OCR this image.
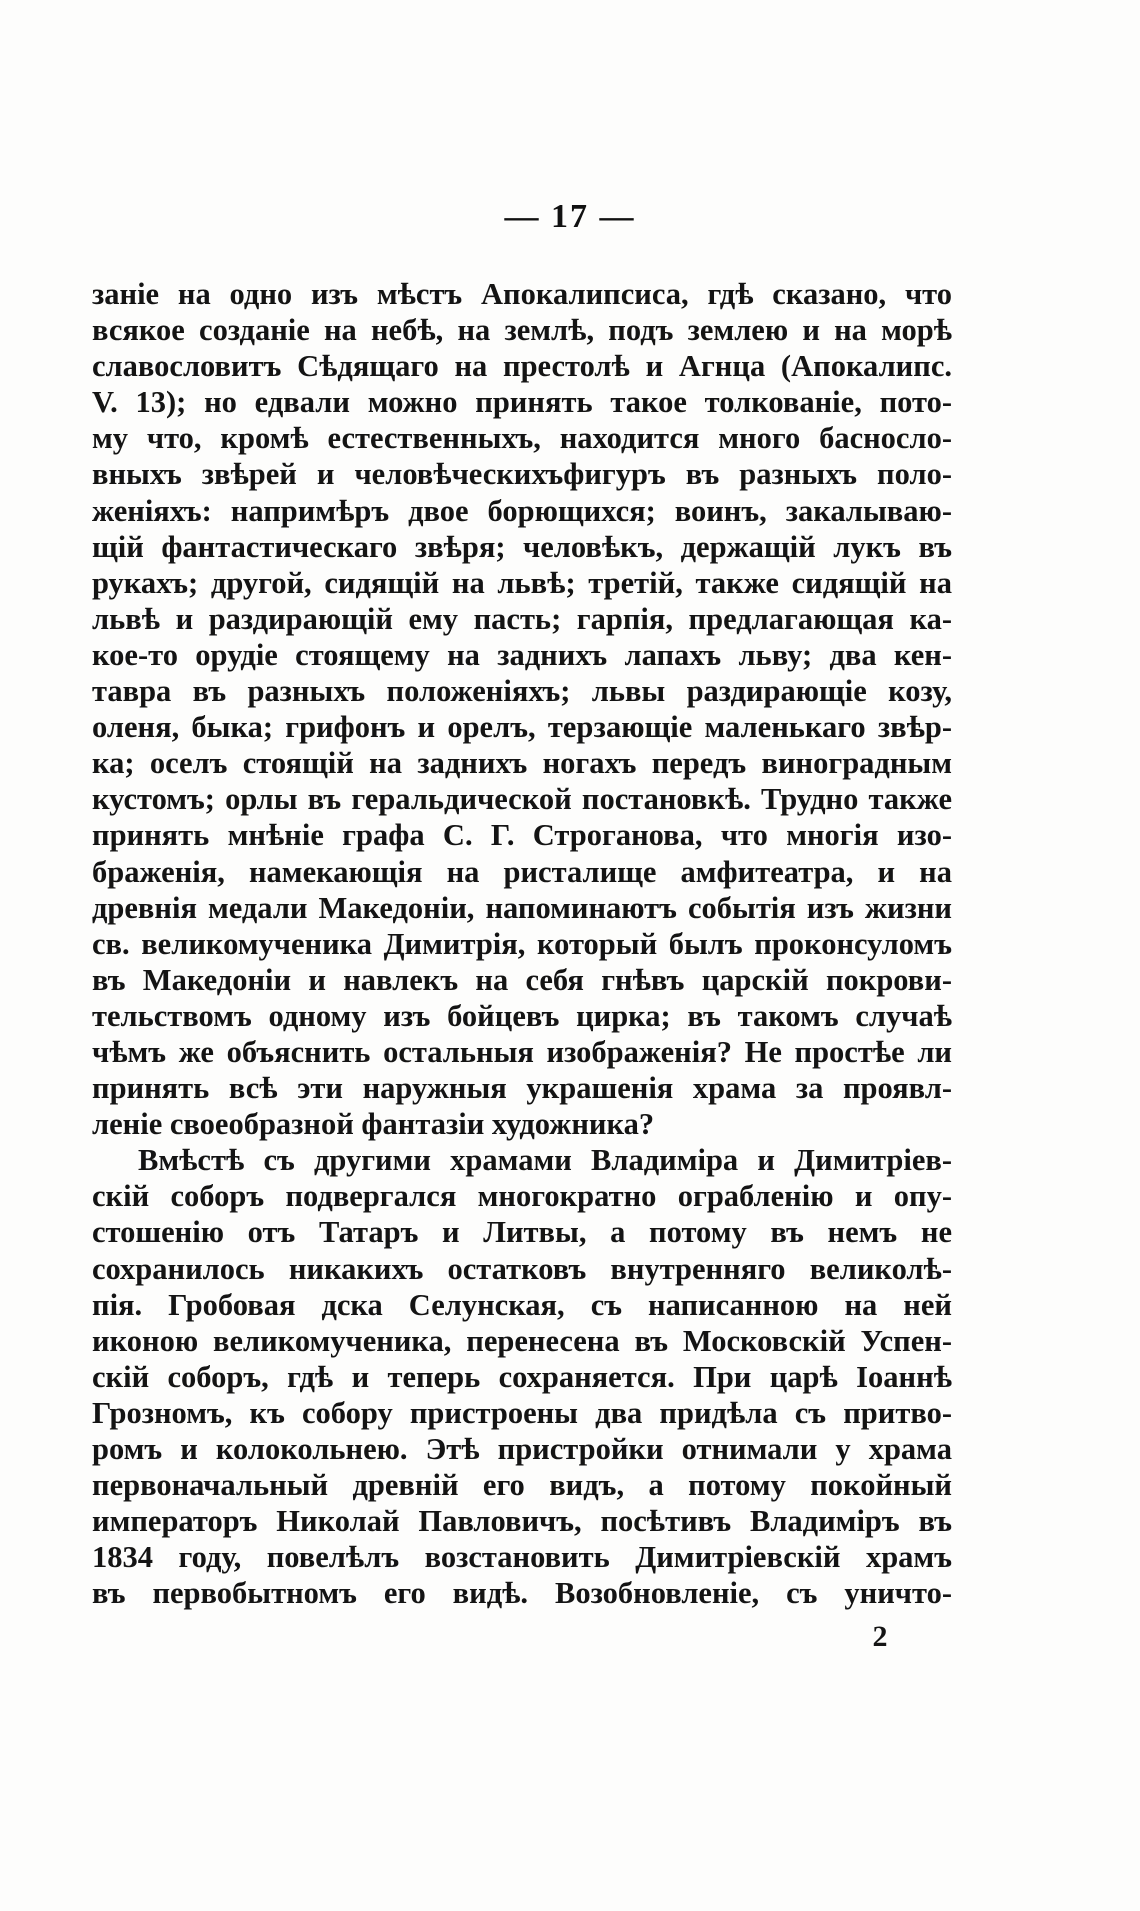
— 17 —
заніе на одно изъ мѣстъ Апокалипсиса, гдѣ сказано, что
всякое созданіе на небѣ, на землѣ, подъ землею и на морѣ
славословитъ Сѣдящаго на престолѣ и Агнца (Апокалипс.
V. 13); но едвали можно принять такое толкованіе, пото-
му что, кромѣ естественныхъ, находится много баснослo-
вныхъ звѣрей и человѣческихъфигуръ въ разныхъ поло-
женіяхъ: напримѣръ двое борющихся; воинъ, закалываю-
щій фантастическаго звѣря; человѣкъ, держащій лукъ въ
рукахъ; другой, сидящій на львѣ; третій, также сидящій на
львѣ и раздирающій ему пасть; гарпія, предлагающая ка-
кое-то орудіе стоящему на заднихъ лапахъ льву; два кен-
тавра въ разныхъ положеніяхъ; львы раздирающіе козу,
оленя, быка; грифонъ и орелъ, терзающіе маленькаго звѣр-
ка; оселъ стоящій на заднихъ ногахъ передъ виноградным
кустомъ; орлы въ геральдической постановкѣ. Трудно также
принять мнѣніе графа С. Г. Строганова, что многія изо-
браженія, намекающія на ристалище амфитеатра, и на
древнія медали Македоніи, напоминаютъ событія изъ жизни
св. великомученика Димитрія, который былъ проконсуломъ
въ Македоніи и навлекъ на себя гнѣвъ царскій покрови-
тельствомъ одному изъ бойцевъ цирка; въ такомъ случаѣ
чѣмъ же объяснить остальныя изображенія? Не простѣе ли
принять всѣ эти наружныя украшенія храма за проявл-
леніе своеобразной фантазіи художника?
Вмѣстѣ съ другими храмами Владиміра и Димитріев-
скій соборъ подвергался многократно ограбленію и опу-
стошенію отъ Татаръ и Литвы, а потому въ немъ не
сохранилось никакихъ остатковъ внутренняго великолѣ-
пія. Гробовая дска Селунская, съ написанною на ней
иконою великомученика, перенесена въ Московскій Успен-
скій соборъ, гдѣ и теперь сохраняется. При царѣ Іоаннѣ
Грозномъ, къ собору пристроены два придѣла съ притво-
ромъ и колокольнею. Этѣ пристройки отнимали у храма
первоначальный древній его видъ, а потому покойный
императоръ Николай Павловичъ, посѣтивъ Владиміръ въ
1834 году, повелѣлъ возстановить Димитріевскій храмъ
въ первобытномъ его видѣ. Возобновленіе, съ уничто-
2
